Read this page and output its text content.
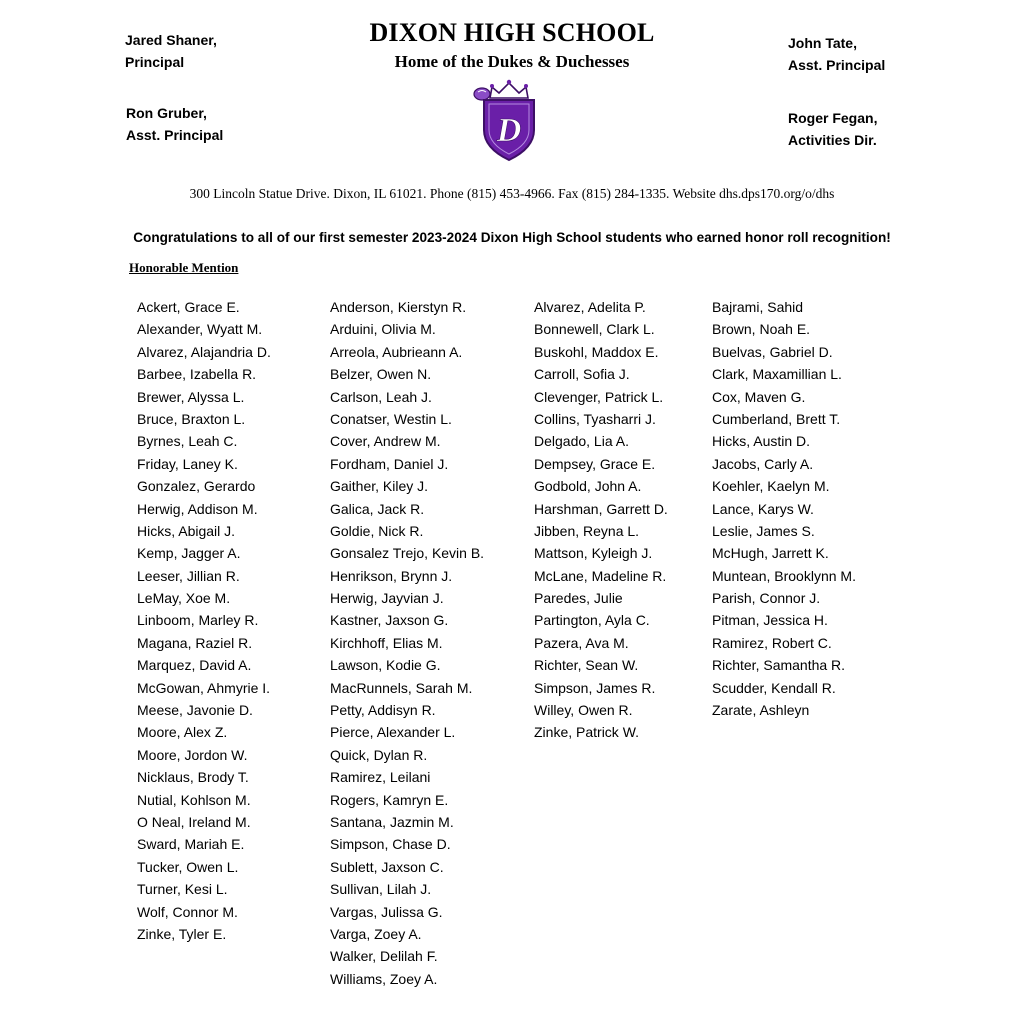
Jared Shaner,
Principal
Ron Gruber,
Asst. Principal
John Tate,
Asst. Principal
Roger Fegan,
Activities Dir.
DIXON HIGH SCHOOL
Home of the Dukes & Duchesses
D
300 Lincoln Statue Drive. Dixon, IL 61021. Phone (815) 453-4966. Fax (815) 284-1335. Website dhs.dps170.org/o/dhs
Congratulations to all of our first semester 2023-2024 Dixon High School students who earned honor roll recognition!
Honorable Mention
Ackert, Grace E.
Alexander, Wyatt M.
Alvarez, Alajandria D.
Barbee, Izabella R.
Brewer, Alyssa L.
Bruce, Braxton L.
Byrnes, Leah C.
Friday, Laney K.
Gonzalez, Gerardo
Herwig, Addison M.
Hicks, Abigail J.
Kemp, Jagger A.
Leeser, Jillian R.
LeMay, Xoe M.
Linboom, Marley R.
Magana, Raziel R.
Marquez, David A.
McGowan, Ahmyrie I.
Meese, Javonie D.
Moore, Alex Z.
Moore, Jordon W.
Nicklaus, Brody T.
Nutial, Kohlson M.
O Neal, Ireland M.
Sward, Mariah E.
Tucker, Owen L.
Turner, Kesi L.
Wolf, Connor M.
Zinke, Tyler E.
Anderson, Kierstyn R.
Arduini, Olivia M.
Arreola, Aubrieann A.
Belzer, Owen N.
Carlson, Leah J.
Conatser, Westin L.
Cover, Andrew M.
Fordham, Daniel J.
Gaither, Kiley J.
Galica, Jack R.
Goldie, Nick R.
Gonsalez Trejo, Kevin B.
Henrikson, Brynn J.
Herwig, Jayvian J.
Kastner, Jaxson G.
Kirchhoff, Elias M.
Lawson, Kodie G.
MacRunnels, Sarah M.
Petty, Addisyn R.
Pierce, Alexander L.
Quick, Dylan R.
Ramirez, Leilani
Rogers, Kamryn E.
Santana, Jazmin M.
Simpson, Chase D.
Sublett, Jaxson C.
Sullivan, Lilah J.
Vargas, Julissa G.
Varga, Zoey A.
Walker, Delilah F.
Williams, Zoey A.
Alvarez, Adelita P.
Bonnewell, Clark L.
Buskohl, Maddox E.
Carroll, Sofia J.
Clevenger, Patrick L.
Collins, Tyasharri J.
Delgado, Lia A.
Dempsey, Grace E.
Godbold, John A.
Harshman, Garrett D.
Jibben, Reyna L.
Mattson, Kyleigh J.
McLane, Madeline R.
Paredes, Julie
Partington, Ayla C.
Pazera, Ava M.
Richter, Sean W.
Simpson, James R.
Willey, Owen R.
Zinke, Patrick W.
Bajrami, Sahid
Brown, Noah E.
Buelvas, Gabriel D.
Clark, Maxamillian L.
Cox, Maven G.
Cumberland, Brett T.
Hicks, Austin D.
Jacobs, Carly A.
Koehler, Kaelyn M.
Lance, Karys W.
Leslie, James S.
McHugh, Jarrett K.
Muntean, Brooklynn M.
Parish, Connor J.
Pitman, Jessica H.
Ramirez, Robert C.
Richter, Samantha R.
Scudder, Kendall R.
Zarate, Ashleyn
